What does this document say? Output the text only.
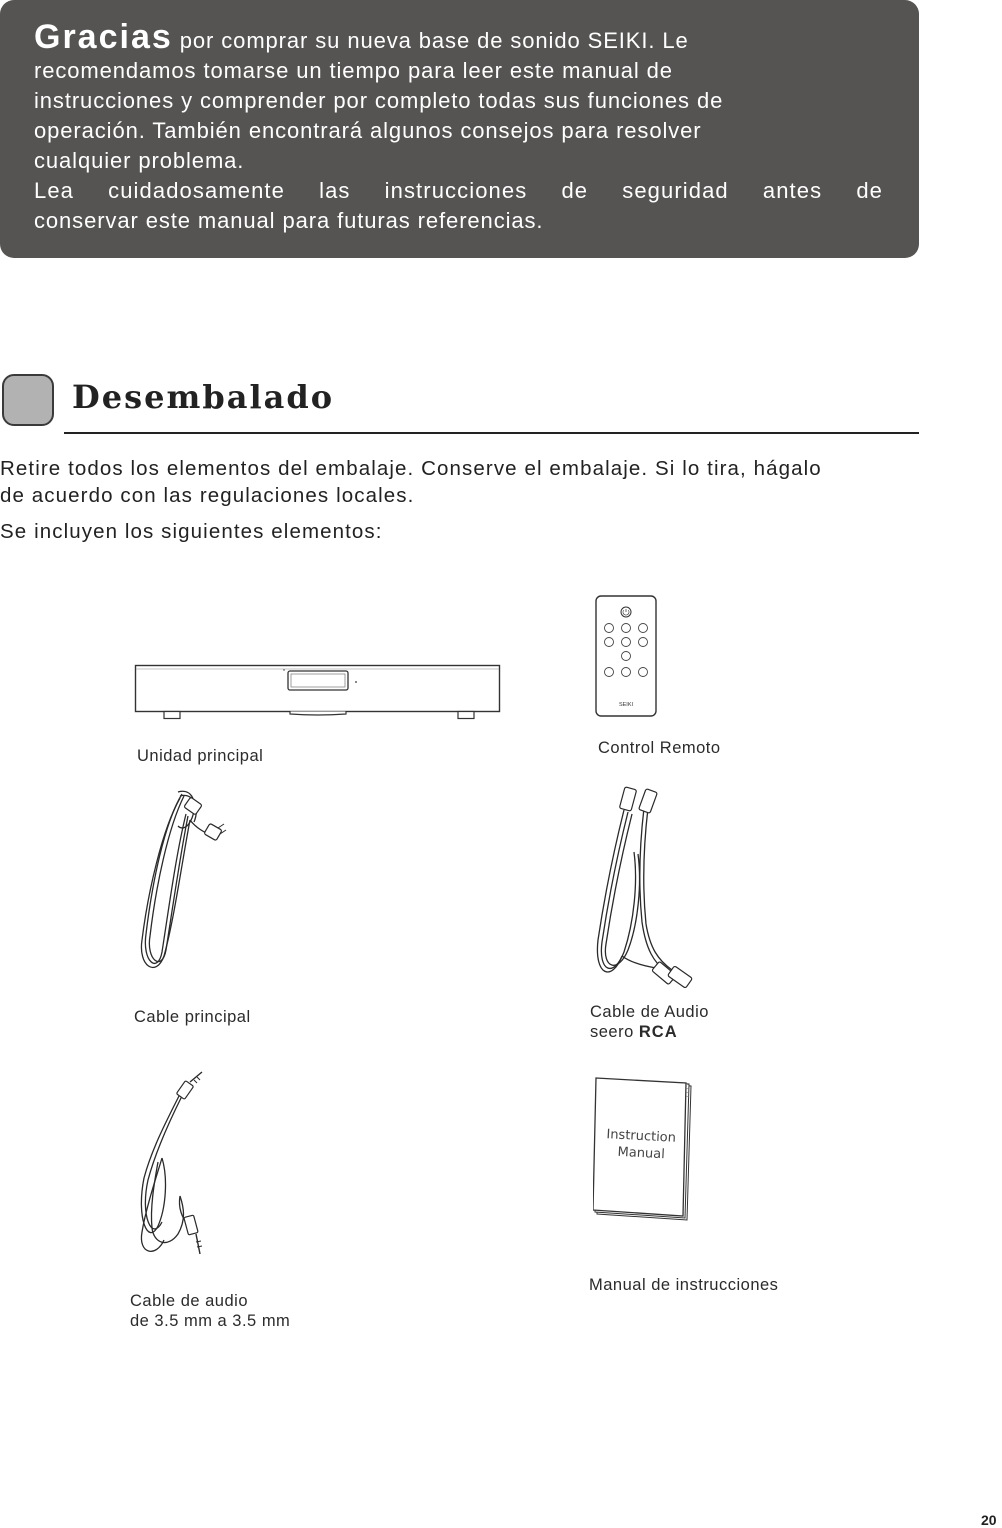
Gracias por comprar su nueva base de sonido SEIKI. Le

recomendamos tomarse un tiempo para leer este manual de

instrucciones y comprender por completo todas sus funciones de

operación. También encontrará algunos consejos para resolver

cualquier problema.

Lea cuidadosamente las instrucciones de seguridad antes de

conservar este manual para futuras referencias.

Desembalado

Retire todos los elementos del embalaje. Conserve el embalaje. Si lo tira, hágalo

de acuerdo con las regulaciones locales.

Se incluyen los siguientes elementos:

Unidad principal
SEIKI
Control Remoto
Cable principal	Cable de Audio
seero RCA
Cable de audio
de 3.5 mm a 3.5 mm
Instruction
Manual
Manual de instrucciones
20
